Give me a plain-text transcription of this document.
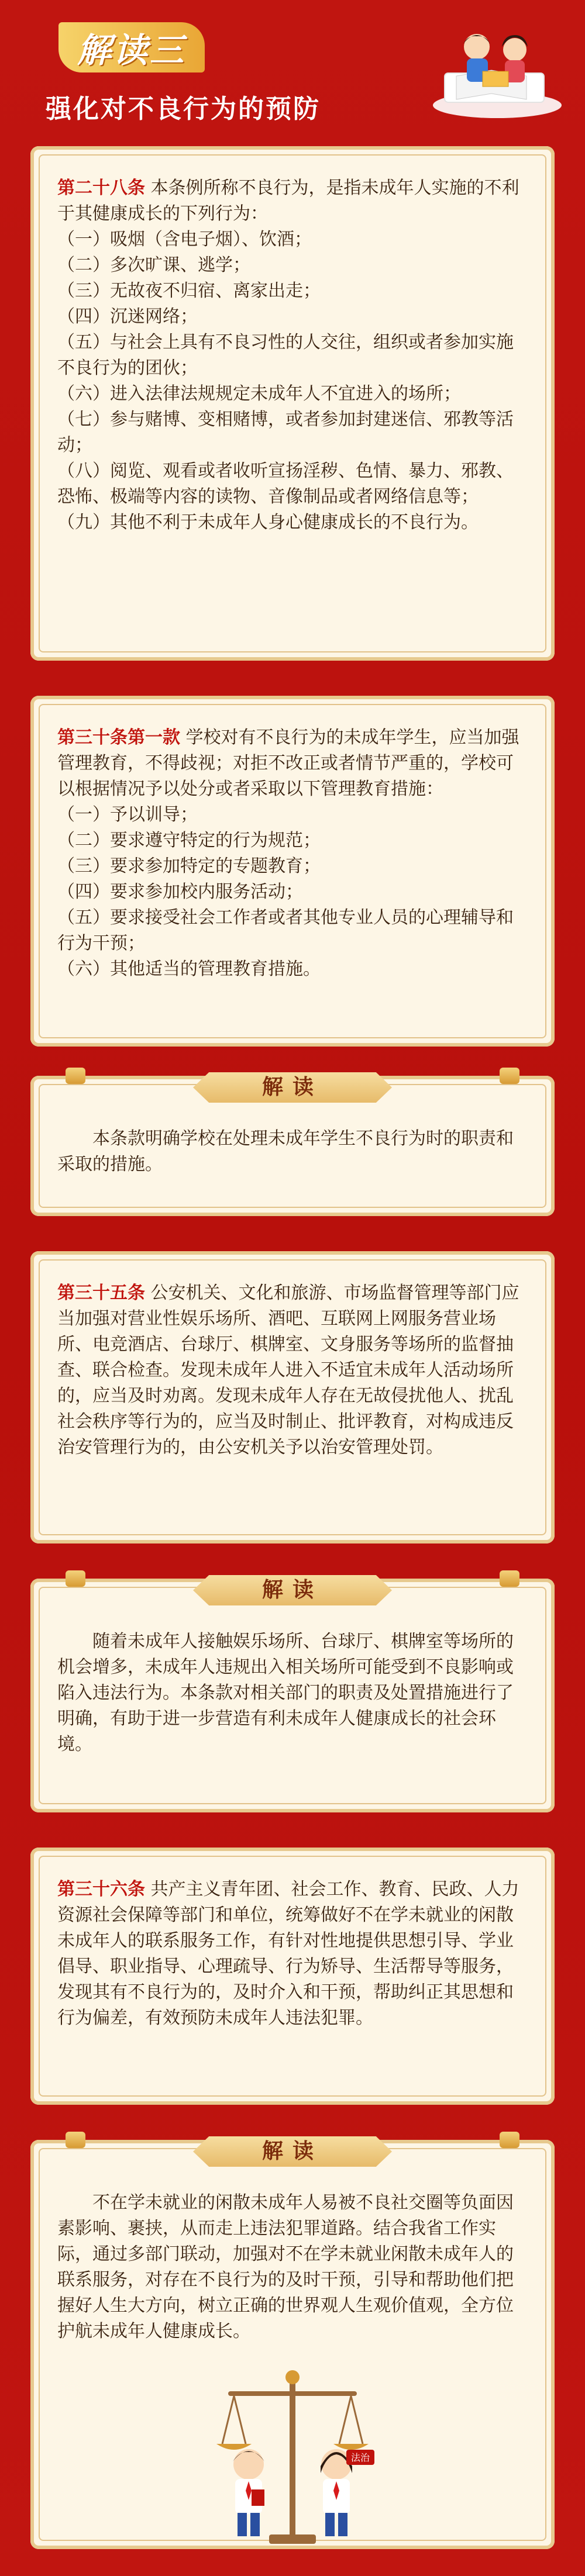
解读三
强化对不良行为的预防

第二十八条 本条例所称不良行为，是指未成年人实施的不利于其健康成长的下列行为：

（一）吸烟（含电子烟）、饮酒；

（二）多次旷课、逃学；

（三）无故夜不归宿、离家出走；

（四）沉迷网络；

（五）与社会上具有不良习性的人交往，组织或者参加实施不良行为的团伙；

（六）进入法律法规规定未成年人不宜进入的场所；

（七）参与赌博、变相赌博，或者参加封建迷信、邪教等活动；

（八）阅览、观看或者收听宣扬淫秽、色情、暴力、邪教、恐怖、极端等内容的读物、音像制品或者网络信息等；

（九）其他不利于未成年人身心健康成长的不良行为。

第三十条第一款 学校对有不良行为的未成年学生，应当加强管理教育，不得歧视；对拒不改正或者情节严重的，学校可以根据情况予以处分或者采取以下管理教育措施：

（一）予以训导；

（二）要求遵守特定的行为规范；

（三）要求参加特定的专题教育；

（四）要求参加校内服务活动；

（五）要求接受社会工作者或者其他专业人员的心理辅导和行为干预；

（六）其他适当的管理教育措施。

解读

本条款明确学校在处理未成年学生不良行为时的职责和采取的措施。

第三十五条 公安机关、文化和旅游、市场监督管理等部门应当加强对营业性娱乐场所、酒吧、互联网上网服务营业场所、电竞酒店、台球厅、棋牌室、文身服务等场所的监督抽查、联合检查。发现未成年人进入不适宜未成年人活动场所的，应当及时劝离。发现未成年人存在无故侵扰他人、扰乱社会秩序等行为的，应当及时制止、批评教育，对构成违反治安管理行为的，由公安机关予以治安管理处罚。

解读

随着未成年人接触娱乐场所、台球厅、棋牌室等场所的机会增多，未成年人违规出入相关场所可能受到不良影响或陷入违法行为。本条款对相关部门的职责及处置措施进行了明确，有助于进一步营造有利未成年人健康成长的社会环境。

第三十六条 共产主义青年团、社会工作、教育、民政、人力资源社会保障等部门和单位，统筹做好不在学未就业的闲散未成年人的联系服务工作，有针对性地提供思想引导、学业倡导、职业指导、心理疏导、行为矫导、生活帮导等服务，发现其有不良行为的，及时介入和干预，帮助纠正其思想和行为偏差，有效预防未成年人违法犯罪。

解读

不在学未就业的闲散未成年人易被不良社交圈等负面因素影响、裹挟，从而走上违法犯罪道路。结合我省工作实际，通过多部门联动，加强对不在学未就业闲散未成年人的联系服务，对存在不良行为的及时干预，引导和帮助他们把握好人生大方向，树立正确的世界观人生观价值观，全方位护航未成年人健康成长。

法治
